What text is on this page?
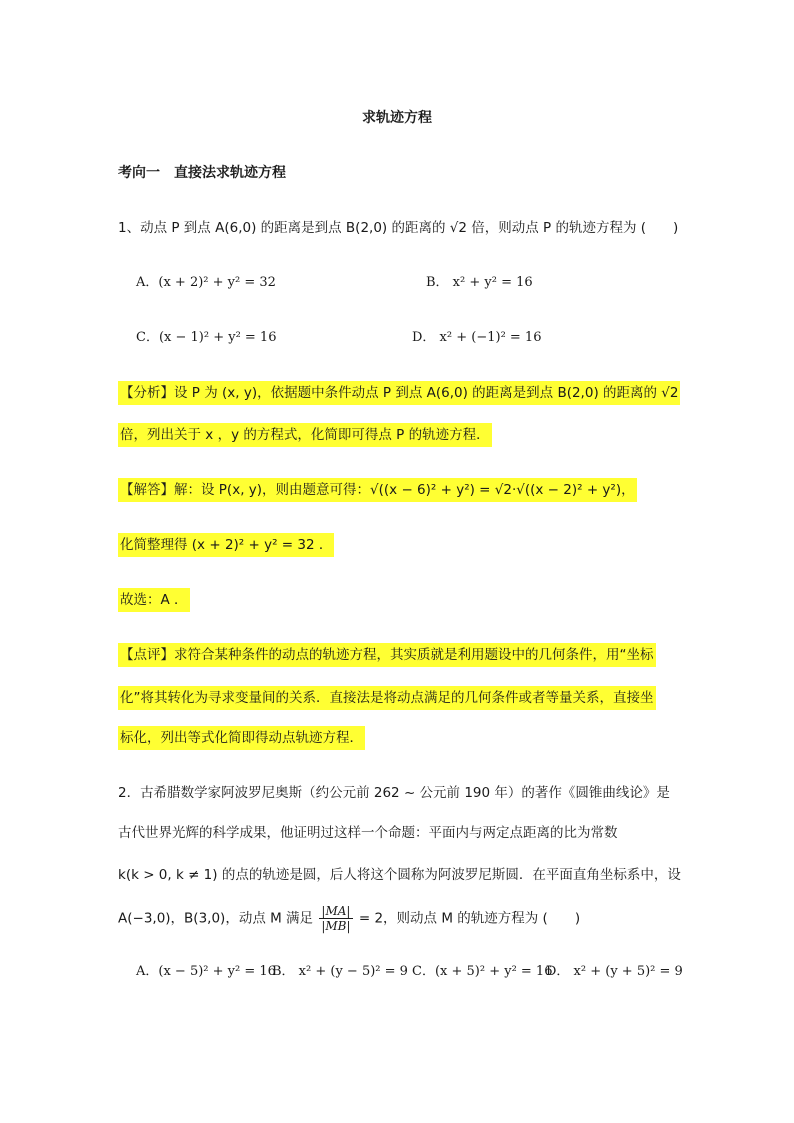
求轨迹方程
考向一　直接法求轨迹方程
1、动点 P 到点 A(6,0) 的距离是到点 B(2,0) 的距离的 √2 倍，则动点 P 的轨迹方程为 (　　)
A．(x + 2)² + y² = 32	B． x² + y² = 16
C．(x − 1)² + y² = 16	D． x² + (−1)² = 16
【分析】设 P 为 (x, y)，依据题中条件动点 P 到点 A(6,0) 的距离是到点 B(2,0) 的距离的 √2
倍，列出关于 x ，y 的方程式，化简即可得点 P 的轨迹方程．
【解答】解：设 P(x, y)，则由题意可得：√((x − 6)² + y²) = √2·√((x − 2)² + y²)，
化简整理得 (x + 2)² + y² = 32 ．
故选：A ．
【点评】求符合某种条件的动点的轨迹方程，其实质就是利用题设中的几何条件，用“坐标
化”将其转化为寻求变量间的关系．直接法是将动点满足的几何条件或者等量关系，直接坐
标化，列出等式化简即得动点轨迹方程．
2．古希腊数学家阿波罗尼奥斯（约公元前 262 ~ 公元前 190 年）的著作《圆锥曲线论》是
古代世界光辉的科学成果，他证明过这样一个命题：平面内与两定点距离的比为常数
k(k > 0, k ≠ 1) 的点的轨迹是圆，后人将这个圆称为阿波罗尼斯圆．在平面直角坐标系中，设
A(−3,0)，B(3,0)，动点 M 满足 $\frac{|MA|}{|MB|} = 2$，则动点 M 的轨迹方程为 (　　)
A．(x − 5)² + y² = 16
B． x² + (y − 5)² = 9 C．(x + 5)² + y² = 16
D． x² + (y + 5)² = 9
